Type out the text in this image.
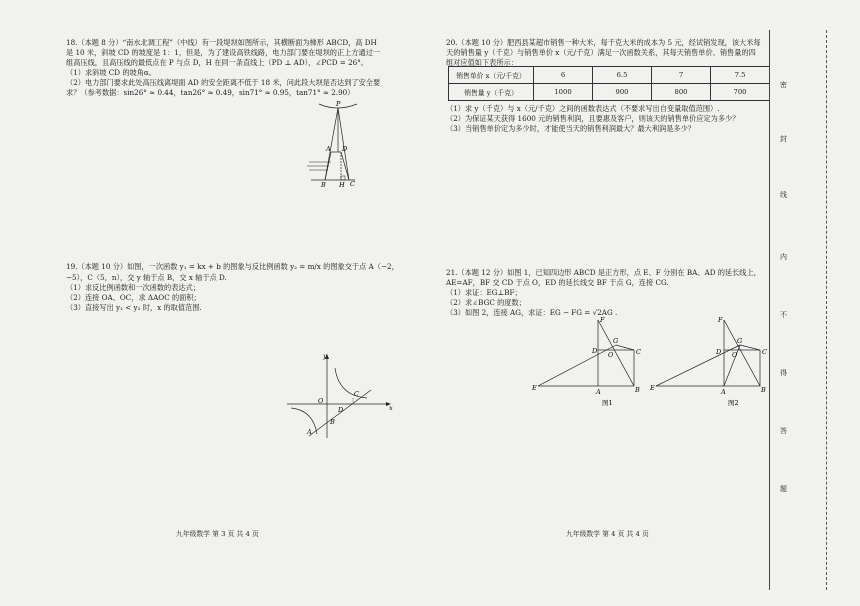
18.（本题 8 分）“南水北调工程”（中线）有一段堤坝如图所示，其横断面为梯形 ABCD，高 DH
是 10 米，斜坡 CD 的坡度是 1：1，但是，为了建设高铁线路，电力部门要在堤坝的正上方通过一
组高压线，且高压线的最低点在 P 与点 D，H 在同一条直线上（PD ⊥ AD），∠PCD = 26°。
（1）求斜坡 CD 的坡角α。
（2）电力部门要求此处高压线离堤面 AD 的安全距离不低于 18 米，问此段大坝是否达到了安全要
求？（参考数据：sin26° ≈ 0.44，tan26° ≈ 0.49，sin71° ≈ 0.95，tan71° ≈ 2.90）
P
A D
B H C
19.（本题 10 分）如图，一次函数 y₁ = kx + b 的图象与反比例函数 y₂ = m/x 的图象交于点 A（−2，
−5），C（5，n），交 y 轴于点 B，交 x 轴于点 D.
（1）求反比例函数和一次函数的表达式；
（2）连接 OA、OC，求 ΔAOC 的面积；
（3）直接写出 y₁ < y₂ 时，x 的取值范围.
y
x
O
C
D
B
A
九年级数学 第 3 页 共 4 页
20.（本题 10 分）肥西县某超市销售一种大米，每千克大米的成本为 5 元，经试销发现，该大米每
天的销售量 y（千克）与销售单价 x（元/千克）满足一次函数关系，其每天销售单价、销售量的四
组对应值如下表所示：
销售单价 x（元/千克）	6	6.5	7	7.5
销售量 y（千克）	1000	900	800	700
（1）求 y（千克）与 x（元/千克）之间的函数表达式（不要求写出自变量取值范围）.
（2）为保证某天获得 1600 元的销售利润，且要惠及客户，则该天的销售单价应定为多少？
（3）当销售单价定为多少时，才能使当天的销售利润最大？最大利润是多少？
21.（本题 12 分）如图 1，已知四边形 ABCD 是正方形，点 E、F 分别在 BA、AD 的延长线上，
AE=AF，BF 交 CD 于点 O，ED 的延长线交 BF 于点 G，连接 CG.
（1）求证：EG⊥BF；
（2）求∠BGC 的度数；
（3）如图 2，连接 AG，求证：EG − FG = √2AG .
F
D
G
O	C
E	A	B
图1
F
D
G
O	C
E	A	B
图2
九年级数学 第 4 页 共 4 页
密
封
线
内
不
得
答
题
